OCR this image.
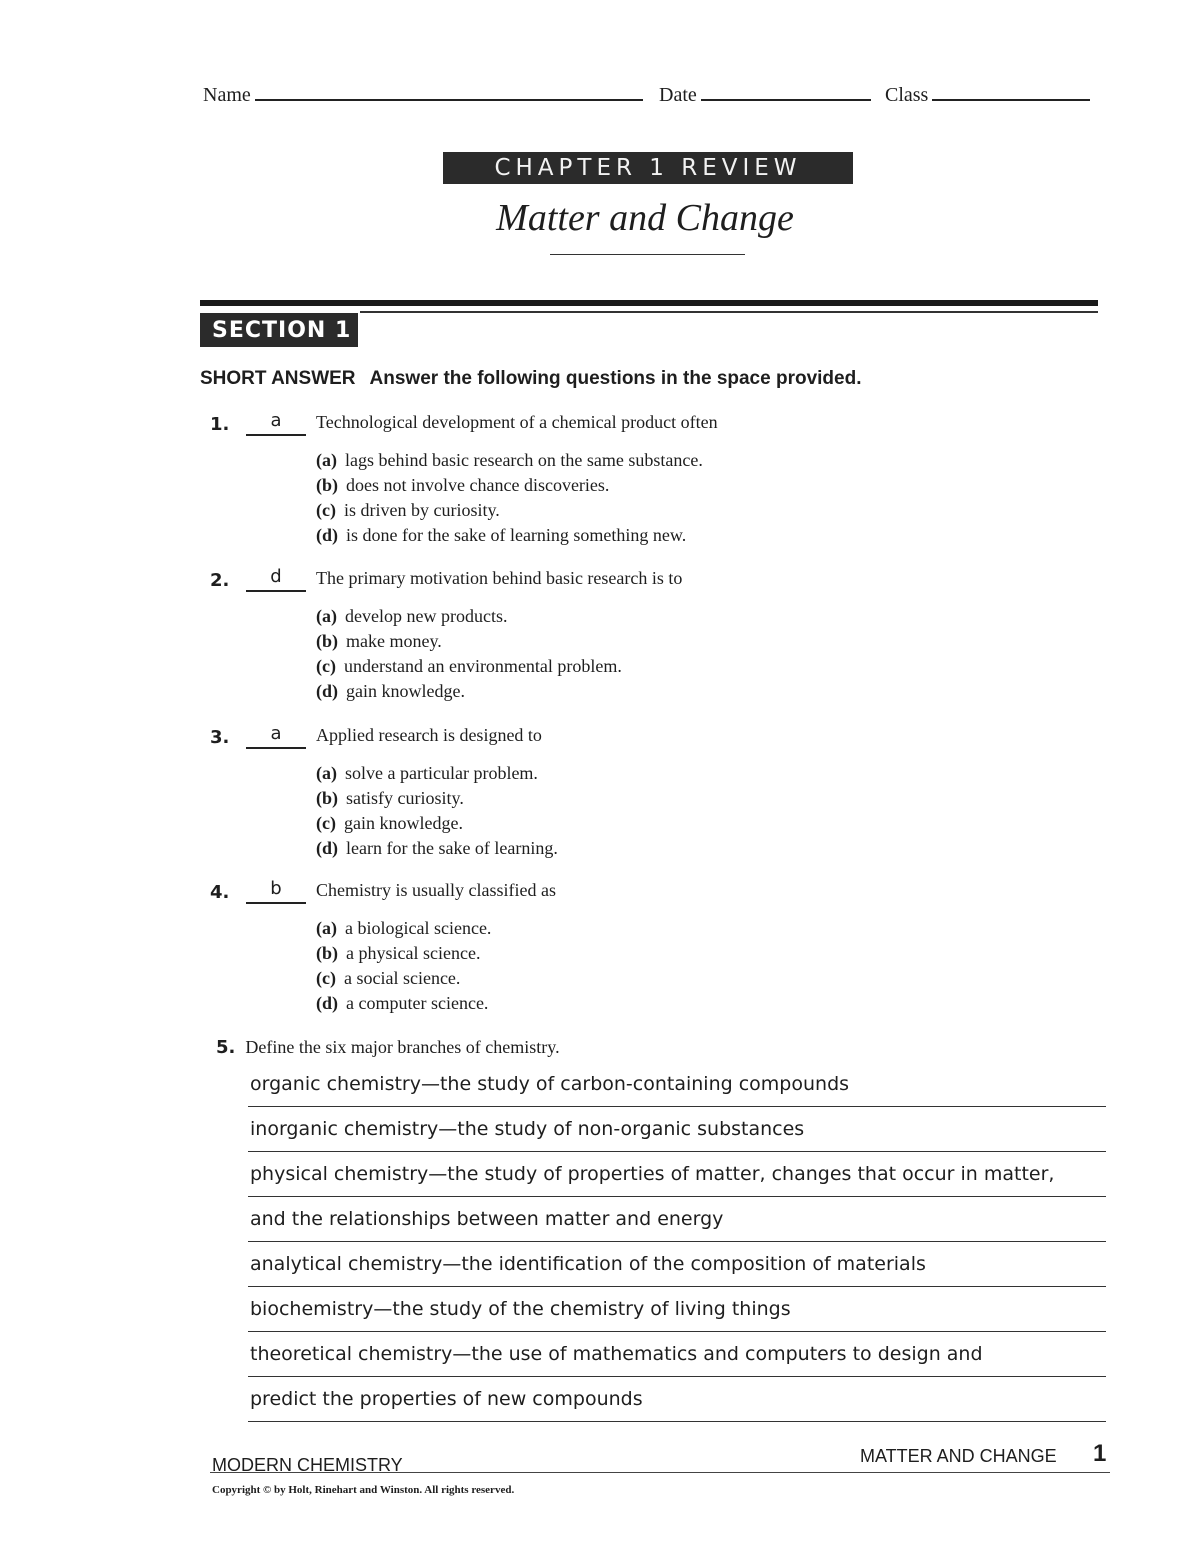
Name	Date	Class
CHAPTER 1 REVIEW
Matter and Change
SECTION 1
SHORT ANSWER Answer the following questions in the space provided.
1.	a	Technological development of a chemical product often
(a) lags behind basic research on the same substance.
(b) does not involve chance discoveries.
(c) is driven by curiosity.
(d) is done for the sake of learning something new.
2.	d	The primary motivation behind basic research is to
(a) develop new products.
(b) make money.
(c) understand an environmental problem.
(d) gain knowledge.
3.	a	Applied research is designed to
(a) solve a particular problem.
(b) satisfy curiosity.
(c) gain knowledge.
(d) learn for the sake of learning.
4.	b	Chemistry is usually classified as
(a) a biological science.
(b) a physical science.
(c) a social science.
(d) a computer science.
5. Define the six major branches of chemistry.
organic chemistry—the study of carbon-containing compounds
inorganic chemistry—the study of non-organic substances
physical chemistry—the study of properties of matter, changes that occur in matter,
and the relationships between matter and energy
analytical chemistry—the identification of the composition of materials
biochemistry—the study of the chemistry of living things
theoretical chemistry—the use of mathematics and computers to design and
predict the properties of new compounds
MODERN CHEMISTRY	MATTER AND CHANGE 1
Copyright © by Holt, Rinehart and Winston. All rights reserved.
